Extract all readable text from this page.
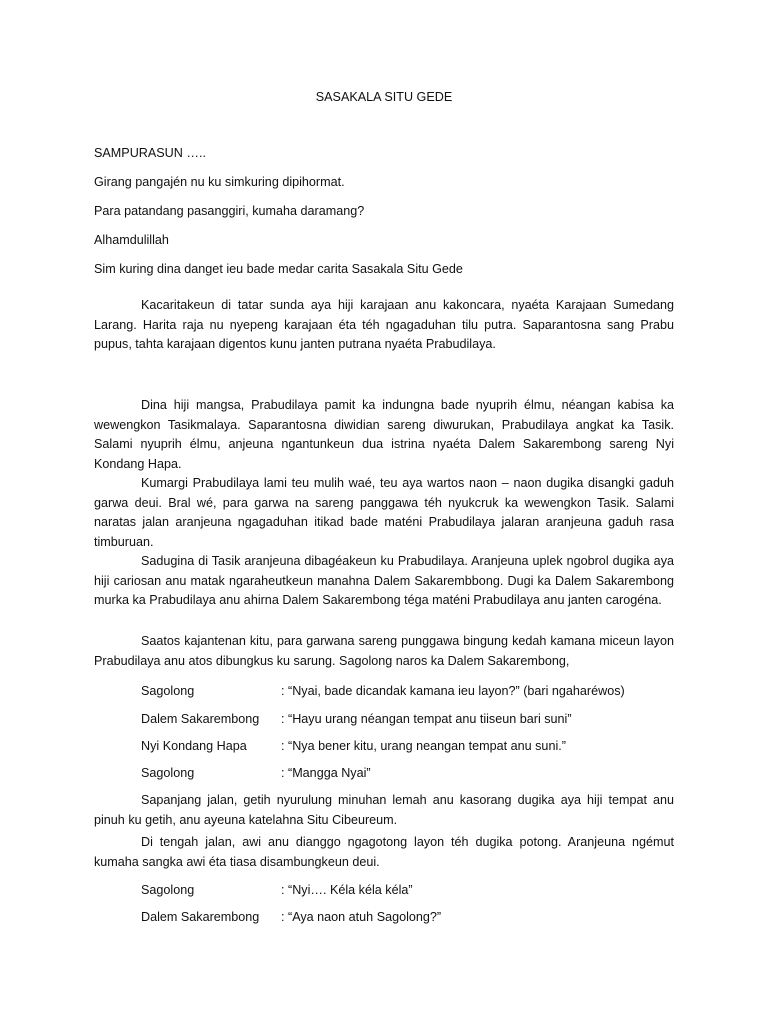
SASAKALA SITU GEDE

SAMPURASUN …..

Girang pangajén nu ku simkuring dipihormat.

Para patandang pasanggiri, kumaha daramang?

Alhamdulillah

Sim kuring dina danget ieu bade medar carita Sasakala Situ Gede

Kacaritakeun di tatar sunda aya hiji karajaan anu kakoncara, nyaéta Karajaan Sumedang Larang. Harita raja nu nyepeng karajaan éta téh ngagaduhan tilu putra. Saparantosna sang Prabu pupus, tahta karajaan digentos kunu janten putrana nyaéta Prabudilaya.

Dina hiji mangsa, Prabudilaya pamit ka indungna bade nyuprih élmu, néangan kabisa ka wewengkon Tasikmalaya. Saparantosna diwidian sareng diwurukan, Prabudilaya angkat ka Tasik. Salami nyuprih élmu, anjeuna ngantunkeun dua istrina nyaéta Dalem Sakarembong sareng Nyi Kondang Hapa.

Kumargi Prabudilaya lami teu mulih waé, teu aya wartos naon – naon dugika disangki gaduh garwa deui. Bral wé, para garwa na sareng panggawa téh nyukcruk ka wewengkon Tasik. Salami naratas jalan aranjeuna ngagaduhan itikad bade maténi Prabudilaya jalaran aranjeuna gaduh rasa timburuan.

Sadugina di Tasik aranjeuna dibagéakeun ku Prabudilaya. Aranjeuna uplek ngobrol dugika aya hiji cariosan anu matak ngaraheutkeun manahna Dalem Sakarembbong. Dugi ka Dalem Sakarembong murka ka Prabudilaya anu ahirna Dalem Sakarembong téga maténi Prabudilaya anu janten carogéna.

Saatos kajantenan kitu, para garwana sareng punggawa bingung kedah kamana miceun layon Prabudilaya anu atos dibungkus ku sarung. Sagolong naros ka Dalem Sakarembong,

Sagolong	: “Nyai, bade dicandak kamana ieu layon?” (bari ngaharéwos)
Dalem Sakarembong : “Hayu urang néangan tempat anu tiiseun bari suni”
Nyi Kondang Hapa	: “Nya bener kitu, urang neangan tempat anu suni.”
Sagolong	: “Mangga Nyai”

Sapanjang jalan, getih nyurulung minuhan lemah anu kasorang dugika aya hiji tempat anu pinuh ku getih, anu ayeuna katelahna Situ Cibeureum.

Di tengah jalan, awi anu dianggo ngagotong layon téh dugika potong. Aranjeuna ngémut kumaha sangka awi éta tiasa disambungkeun deui.

Sagolong	: “Nyi…. Kéla kéla kéla”
Dalem Sakarembong : “Aya naon atuh Sagolong?”
